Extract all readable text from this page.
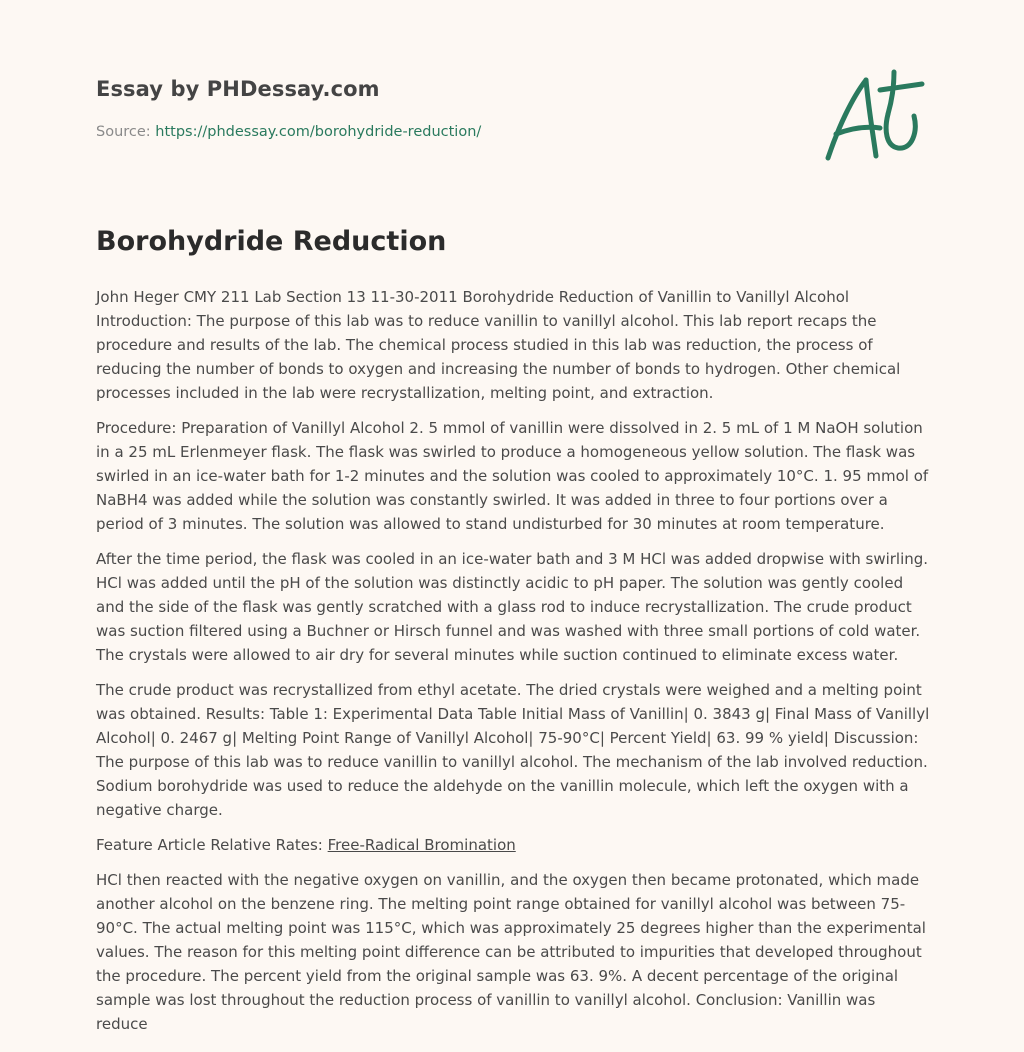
Essay by PHDessay.com
Source: https://phdessay.com/borohydride-reduction/
Borohydride Reduction

John Heger CMY 211 Lab Section 13 11-30-2011 Borohydride Reduction of Vanillin to Vanillyl Alcohol Introduction: The purpose of this lab was to reduce vanillin to vanillyl alcohol. This lab report recaps the procedure and results of the lab. The chemical process studied in this lab was reduction, the process of reducing the number of bonds to oxygen and increasing the number of bonds to hydrogen. Other chemical processes included in the lab were recrystallization, melting point, and extraction.

Procedure: Preparation of Vanillyl Alcohol 2. 5 mmol of vanillin were dissolved in 2. 5 mL of 1 M NaOH solution in a 25 mL Erlenmeyer flask. The flask was swirled to produce a homogeneous yellow solution. The flask was swirled in an ice-water bath for 1-2 minutes and the solution was cooled to approximately 10°C. 1. 95 mmol of NaBH4 was added while the solution was constantly swirled. It was added in three to four portions over a period of 3 minutes. The solution was allowed to stand undisturbed for 30 minutes at room temperature.

After the time period, the flask was cooled in an ice-water bath and 3 M HCl was added dropwise with swirling. HCl was added until the pH of the solution was distinctly acidic to pH paper. The solution was gently cooled and the side of the flask was gently scratched with a glass rod to induce recrystallization. The crude product was suction filtered using a Buchner or Hirsch funnel and was washed with three small portions of cold water. The crystals were allowed to air dry for several minutes while suction continued to eliminate excess water.

The crude product was recrystallized from ethyl acetate. The dried crystals were weighed and a melting point was obtained. Results: Table 1: Experimental Data Table Initial Mass of Vanillin| 0. 3843 g| Final Mass of Vanillyl Alcohol| 0. 2467 g| Melting Point Range of Vanillyl Alcohol| 75-90°C| Percent Yield| 63. 99 % yield| Discussion: The purpose of this lab was to reduce vanillin to vanillyl alcohol. The mechanism of the lab involved reduction. Sodium borohydride was used to reduce the aldehyde on the vanillin molecule, which left the oxygen with a negative charge.

Feature Article Relative Rates: Free-Radical Bromination

HCl then reacted with the negative oxygen on vanillin, and the oxygen then became protonated, which made another alcohol on the benzene ring. The melting point range obtained for vanillyl alcohol was between 75-90°C. The actual melting point was 115°C, which was approximately 25 degrees higher than the experimental values. The reason for this melting point difference can be attributed to impurities that developed throughout the procedure. The percent yield from the original sample was 63. 9%. A decent percentage of the original sample was lost throughout the reduction process of vanillin to vanillyl alcohol. Conclusion: Vanillin was reduce
